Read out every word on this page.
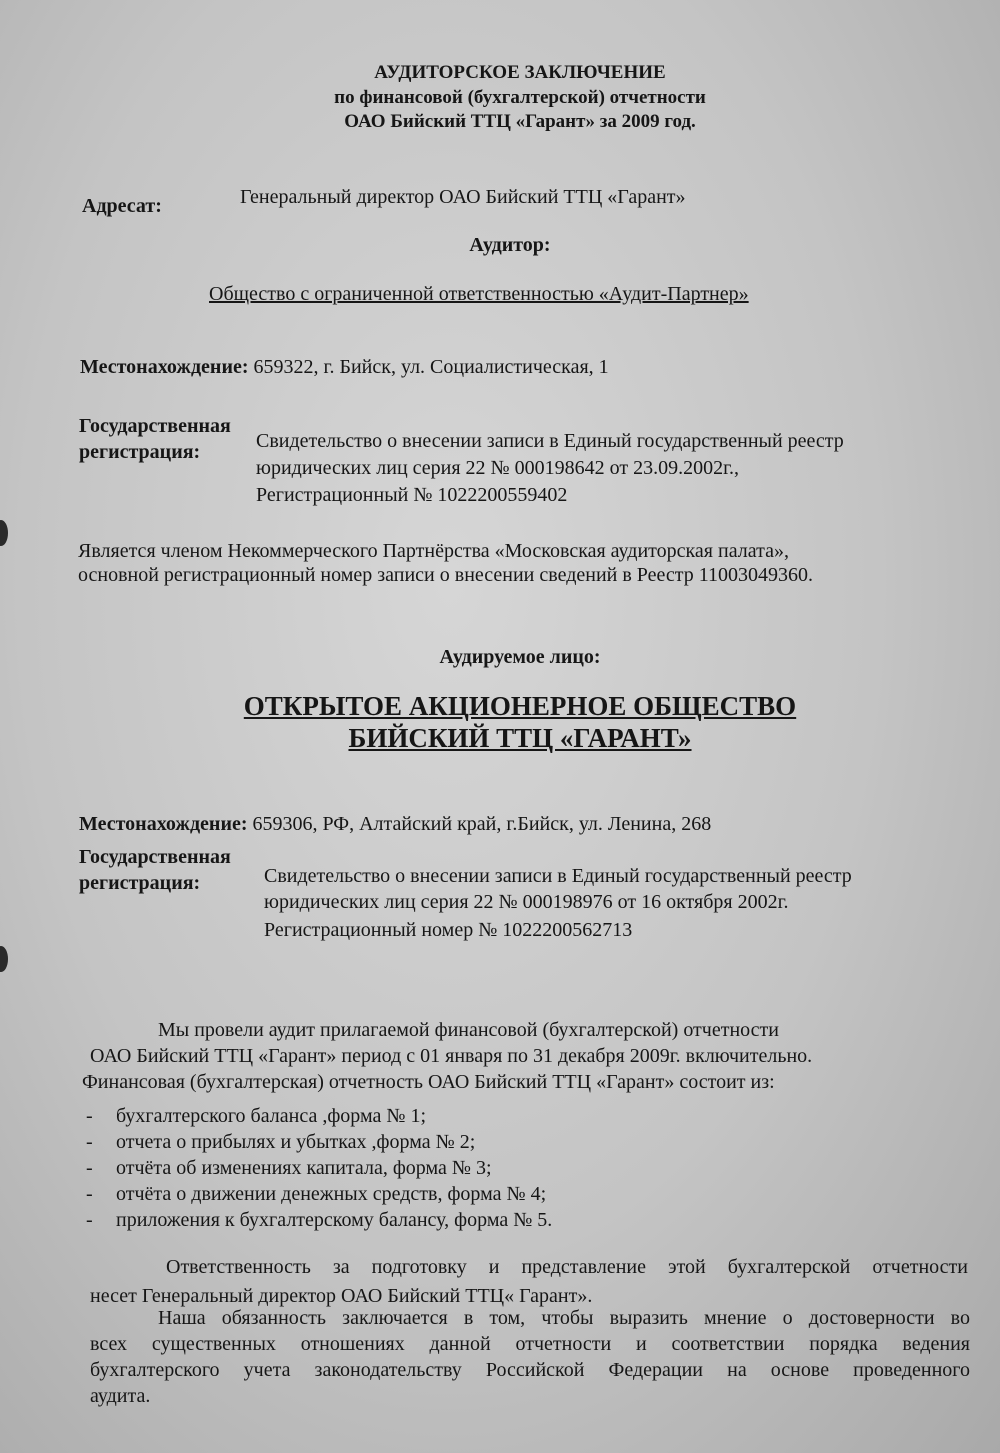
АУДИТОРСКОЕ ЗАКЛЮЧЕНИЕ
по финансовой (бухгалтерской) отчетности
ОАО Бийский ТТЦ «Гарант» за 2009 год.
Адресат:	Генеральный директор ОАО Бийский ТТЦ «Гарант»
Аудитор:
Общество с ограниченной ответственностью «Аудит-Партнер»
Местонахождение: 659322, г. Бийск, ул. Социалистическая, 1
Государственная
регистрация:	Свидетельство о внесении записи в Единый государственный реестр
юридических лиц серия 22 № 000198642 от 23.09.2002г.,
Регистрационный № 1022200559402
Является членом Некоммерческого Партнёрства «Московская аудиторская палата»,
основной регистрационный номер записи о внесении сведений в Реестр 11003049360.
Аудируемое лицо:
ОТКРЫТОЕ АКЦИОНЕРНОЕ ОБЩЕСТВО
БИЙСКИЙ ТТЦ «ГАРАНТ»
Местонахождение: 659306, РФ, Алтайский край, г.Бийск, ул. Ленина, 268
Государственная
регистрация:	Свидетельство о внесении записи в Единый государственный реестр
юридических лиц серия 22 № 000198976 от 16 октября 2002г.
Регистрационный номер № 1022200562713
Мы провели аудит прилагаемой финансовой (бухгалтерской) отчетности
ОАО Бийский ТТЦ «Гарант» период с 01 января по 31 декабря 2009г. включительно.
Финансовая (бухгалтерская) отчетность ОАО Бийский ТТЦ «Гарант» состоит из:
- бухгалтерского баланса ,форма № 1;
- отчета о прибылях и убытках ,форма № 2;
- отчёта об изменениях капитала, форма № 3;
- отчёта о движении денежных средств, форма № 4;
- приложения к бухгалтерскому балансу, форма № 5.
Ответственность за подготовку и представление этой бухгалтерской отчетности
несет Генеральный директор ОАО Бийский ТТЦ« Гарант».
Наша обязанность заключается в том, чтобы выразить мнение о достоверности во
всех существенных отношениях данной отчетности и соответствии порядка ведения
бухгалтерского учета законодательству Российской Федерации на основе проведенного
аудита.
